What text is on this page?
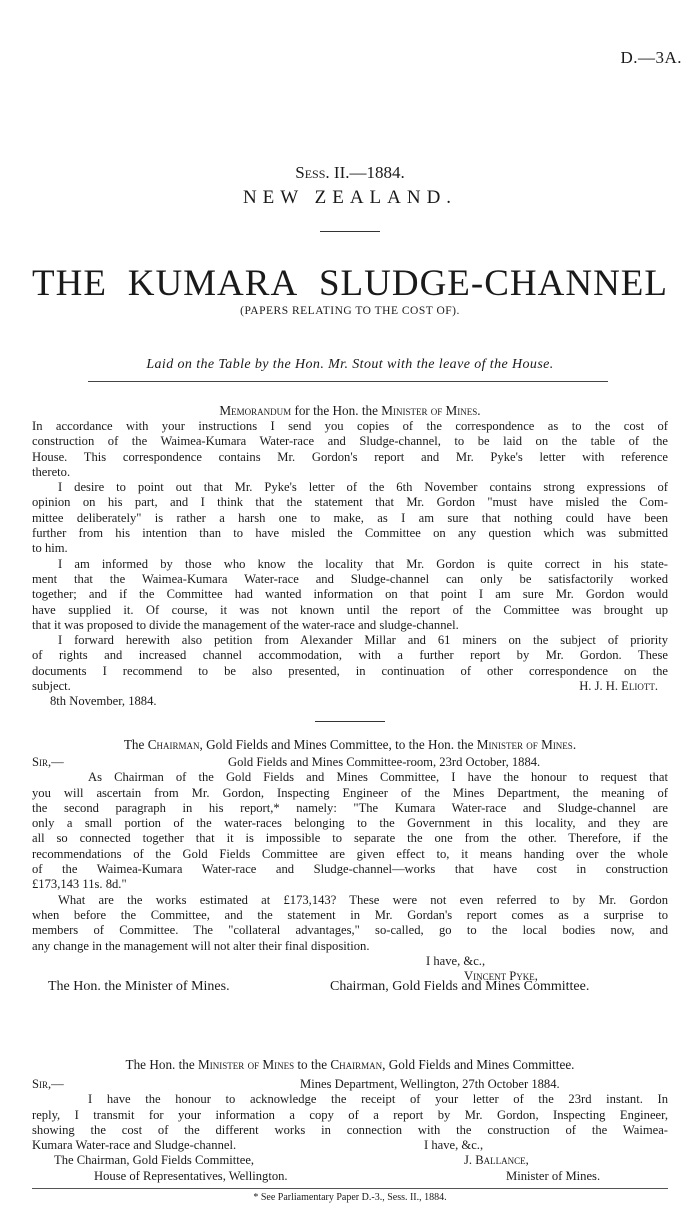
D.—3A.
Sess. II.—1884.
NEW ZEALAND.
THE KUMARA SLUDGE-CHANNEL
(PAPERS RELATING TO THE COST OF).
Laid on the Table by the Hon. Mr. Stout with the leave of the House.
Memorandum for the Hon. the Minister of Mines.
In accordance with your instructions I send you copies of the correspondence as to the cost of
construction of the Waimea-Kumara Water-race and Sludge-channel, to be laid on the table of the
House. This correspondence contains Mr. Gordon's report and Mr. Pyke's letter with reference
thereto.
I desire to point out that Mr. Pyke's letter of the 6th November contains strong expressions of
opinion on his part, and I think that the statement that Mr. Gordon "must have misled the Com-
mittee deliberately" is rather a harsh one to make, as I am sure that nothing could have been
further from his intention than to have misled the Committee on any question which was submitted
to him.
I am informed by those who know the locality that Mr. Gordon is quite correct in his state-
ment that the Waimea-Kumara Water-race and Sludge-channel can only be satisfactorily worked
together; and if the Committee had wanted information on that point I am sure Mr. Gordon would
have supplied it. Of course, it was not known until the report of the Committee was brought up
that it was proposed to divide the management of the water-race and sludge-channel.
I forward herewith also petition from Alexander Millar and 61 miners on the subject of priority
of rights and increased channel accommodation, with a further report by Mr. Gordon. These
documents I recommend to be also presented, in continuation of other correspondence on the
subject.	H. J. H. Eliott.
8th November, 1884.
The Chairman, Gold Fields and Mines Committee, to the Hon. the Minister of Mines.
Sir,—	Gold Fields and Mines Committee-room, 23rd October, 1884.
As Chairman of the Gold Fields and Mines Committee, I have the honour to request that
you will ascertain from Mr. Gordon, Inspecting Engineer of the Mines Department, the meaning of
the second paragraph in his report,* namely: "The Kumara Water-race and Sludge-channel are
only a small portion of the water-races belonging to the Government in this locality, and they are
all so connected together that it is impossible to separate the one from the other. Therefore, if the
recommendations of the Gold Fields Committee are given effect to, it means handing over the whole
of the Waimea-Kumara Water-race and Sludge-channel—works that have cost in construction
£173,143 11s. 8d."
What are the works estimated at £173,143? These were not even referred to by Mr. Gordon
when before the Committee, and the statement in Mr. Gordan's report comes as a surprise to
members of Committee. The "collateral advantages," so-called, go to the local bodies now, and
any change in the management will not alter their final disposition.
I have, &c.,
Vincent Pyke,
The Hon. the Minister of Mines.	Chairman, Gold Fields and Mines Committee.
The Hon. the Minister of Mines to the Chairman, Gold Fields and Mines Committee.
Sir,—	Mines Department, Wellington, 27th October 1884.
I have the honour to acknowledge the receipt of your letter of the 23rd instant. In
reply, I transmit for your information a copy of a report by Mr. Gordon, Inspecting Engineer,
showing the cost of the different works in connection with the construction of the Waimea-
Kumara Water-race and Sludge-channel.	I have, &c.,
The Chairman, Gold Fields Committee,	J. Ballance,
House of Representatives, Wellington.	Minister of Mines.
* See Parliamentary Paper D.-3., Sess. II., 1884.
